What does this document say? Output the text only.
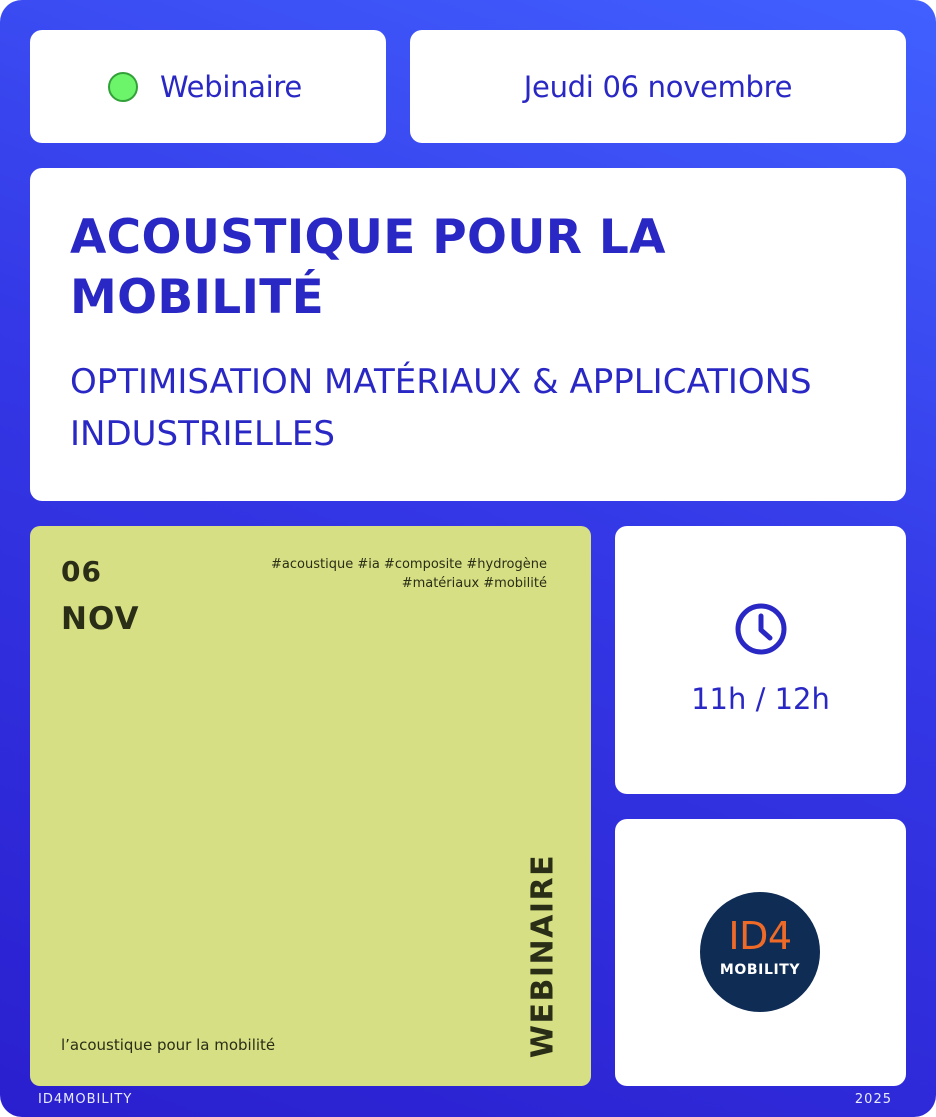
Webinaire	Jeudi 06 novembre
ACOUSTIQUE POUR LA MOBILITÉ
OPTIMISATION MATÉRIAUX & APPLICATIONS INDUSTRIELLES
06
NOV
#acoustique #ia #composite #hydrogène
#matériaux #mobilité
WEBINAIRE
l’acoustique pour la mobilité
11h / 12h
ID4
MOBILITY
ID4MOBILITY	2025
